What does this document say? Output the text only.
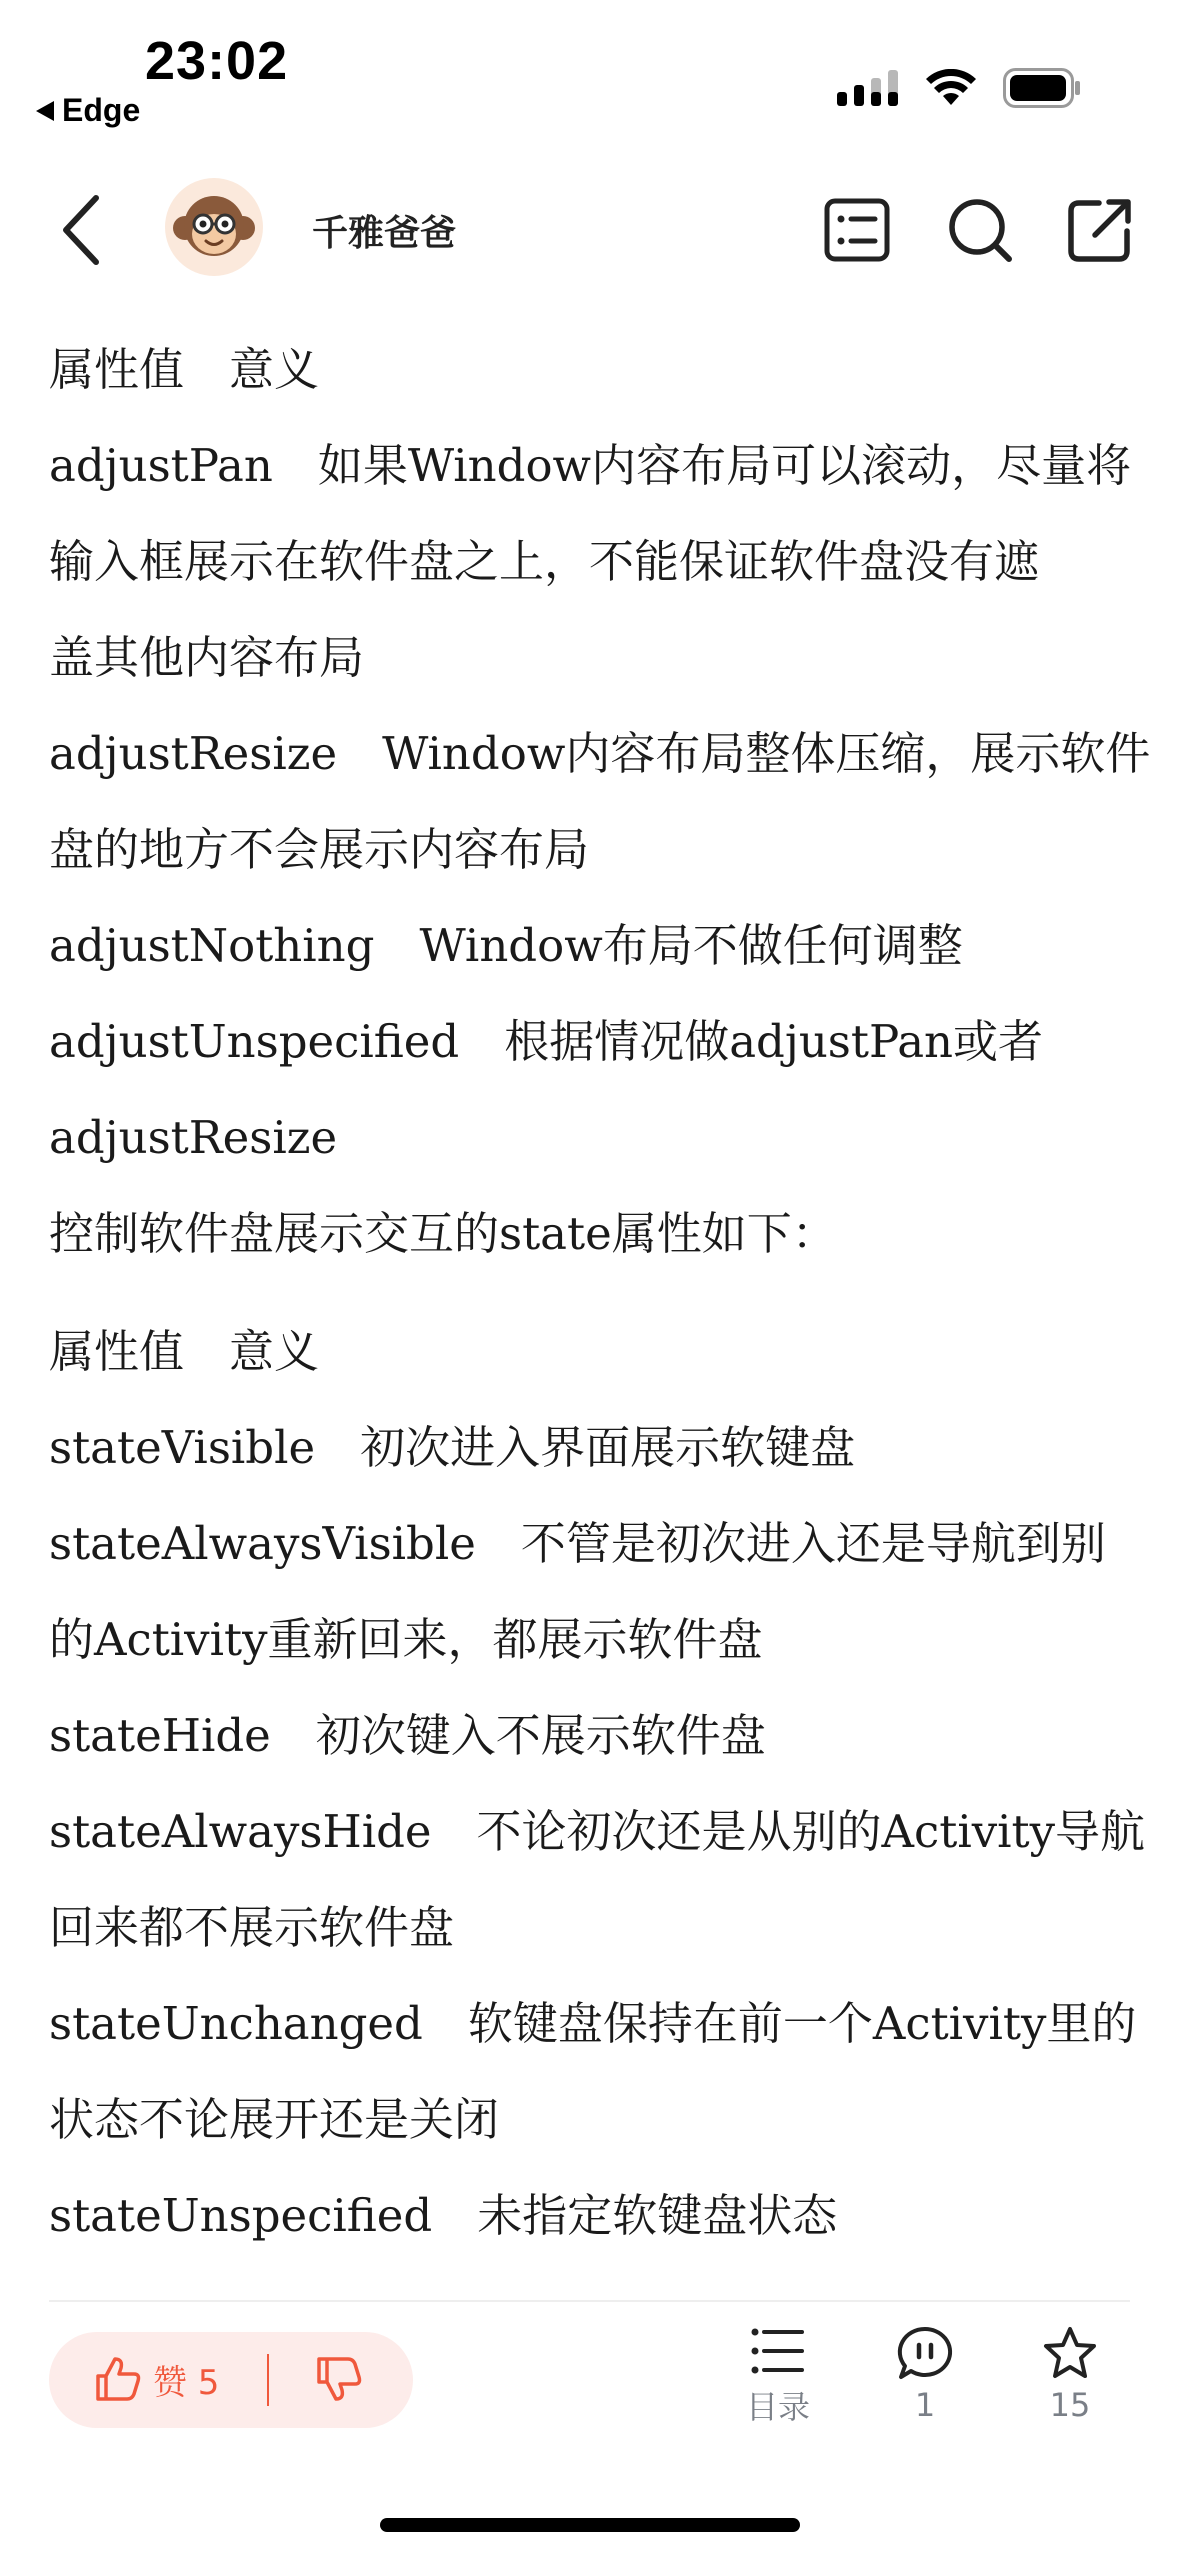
23:02
Edge
千雅爸爸
属性值　意义
adjustPan　如果Window内容布局可以滚动，尽量将
输入框展示在软件盘之上，不能保证软件盘没有遮
盖其他内容布局
adjustResize　Window内容布局整体压缩，展示软件
盘的地方不会展示内容布局
adjustNothing　Window布局不做任何调整
adjustUnspecified　根据情况做adjustPan或者
adjustResize
控制软件盘展示交互的state属性如下：
属性值　意义
stateVisible　初次进入界面展示软键盘
stateAlwaysVisible　不管是初次进入还是导航到别
的Activity重新回来，都展示软件盘
stateHide　初次键入不展示软件盘
stateAlwaysHide　不论初次还是从别的Activity导航
回来都不展示软件盘
stateUnchanged　软键盘保持在前一个Activity里的
状态不论展开还是关闭
stateUnspecified　未指定软键盘状态
赞 5
目录	1	15
